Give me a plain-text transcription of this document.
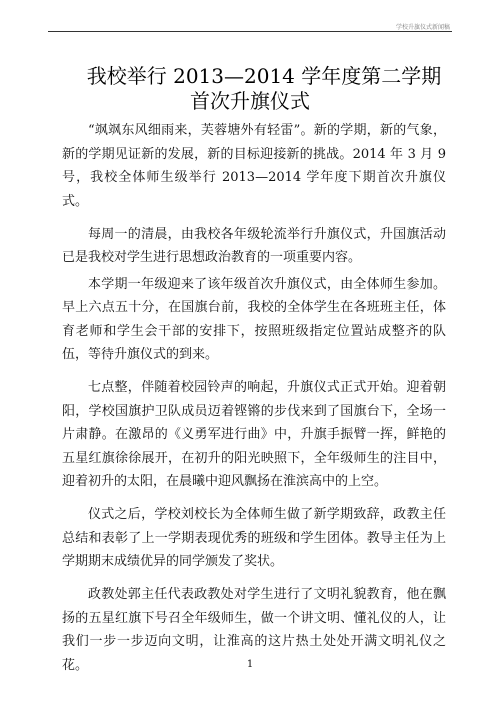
学校升旗仪式新闻稿
我校举行 2013—2014 学年度第二学期
首次升旗仪式

“飒飒东风细雨来，芙蓉塘外有轻雷”。新的学期，新的气象，新的学期见证新的发展，新的目标迎接新的挑战。2014 年 3 月 9 号，我校全体师生级举行 2013—2014 学年度下期首次升旗仪式。

每周一的清晨，由我校各年级轮流举行升旗仪式，升国旗活动已是我校对学生进行思想政治教育的一项重要内容。

本学期一年级迎来了该年级首次升旗仪式，由全体师生参加。早上六点五十分，在国旗台前，我校的全体学生在各班班主任，体育老师和学生会干部的安排下，按照班级指定位置站成整齐的队伍，等待升旗仪式的到来。

七点整，伴随着校园铃声的响起，升旗仪式正式开始。迎着朝阳，学校国旗护卫队成员迈着铿锵的步伐来到了国旗台下，全场一片肃静。在激昂的《义勇军进行曲》中，升旗手振臂一挥，鲜艳的五星红旗徐徐展开，在初升的阳光映照下，全年级师生的注目中，迎着初升的太阳，在晨曦中迎风飘扬在淮滨高中的上空。

仪式之后，学校刘校长为全体师生做了新学期致辞，政教主任总结和表彰了上一学期表现优秀的班级和学生团体。教导主任为上学期期末成绩优异的同学颁发了奖状。

政教处郭主任代表政教处对学生进行了文明礼貌教育，他在飘扬的五星红旗下号召全年级师生，做一个讲文明、懂礼仪的人，让我们一步一步迈向文明，让淮高的这片热土处处开满文明礼仪之花。	1
